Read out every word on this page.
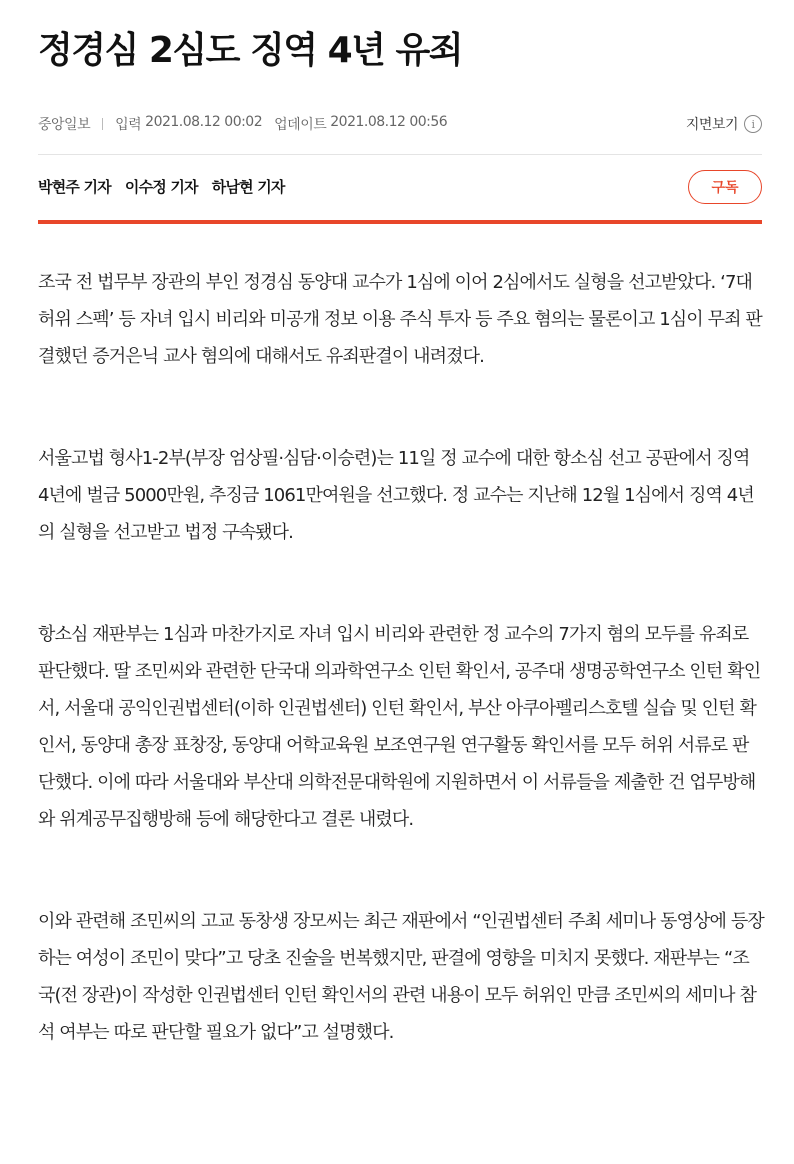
정경심 2심도 징역 4년 유죄
중앙일보 입력 2021.08.12 00:02 업데이트 2021.08.12 00:56	지면보기	i
박현주 기자 이수정 기자 하남현 기자	구독

조국 전 법무부 장관의 부인 정경심 동양대 교수가 1심에 이어 2심에서도 실형을 선고받았다. ‘7대 허위 스펙’ 등 자녀 입시 비리와 미공개 정보 이용 주식 투자 등 주요 혐의는 물론이고 1심이 무죄 판결했던 증거은닉 교사 혐의에 대해서도 유죄판결이 내려졌다.

서울고법 형사1-2부(부장 엄상필·심담·이승련)는 11일 정 교수에 대한 항소심 선고 공판에서 징역 4년에 벌금 5000만원, 추징금 1061만여원을 선고했다. 정 교수는 지난해 12월 1심에서 징역 4년의 실형을 선고받고 법정 구속됐다.

항소심 재판부는 1심과 마찬가지로 자녀 입시 비리와 관련한 정 교수의 7가지 혐의 모두를 유죄로 판단했다. 딸 조민씨와 관련한 단국대 의과학연구소 인턴 확인서, 공주대 생명공학연구소 인턴 확인서, 서울대 공익인권법센터(이하 인권법센터) 인턴 확인서, 부산 아쿠아펠리스호텔 실습 및 인턴 확인서, 동양대 총장 표창장, 동양대 어학교육원 보조연구원 연구활동 확인서를 모두 허위 서류로 판단했다. 이에 따라 서울대와 부산대 의학전문대학원에 지원하면서 이 서류들을 제출한 건 업무방해와 위계공무집행방해 등에 해당한다고 결론 내렸다.

이와 관련해 조민씨의 고교 동창생 장모씨는 최근 재판에서 “인권법센터 주최 세미나 동영상에 등장하는 여성이 조민이 맞다”고 당초 진술을 번복했지만, 판결에 영향을 미치지 못했다. 재판부는 “조국(전 장관)이 작성한 인권법센터 인턴 확인서의 관련 내용이 모두 허위인 만큼 조민씨의 세미나 참석 여부는 따로 판단할 필요가 없다”고 설명했다.
